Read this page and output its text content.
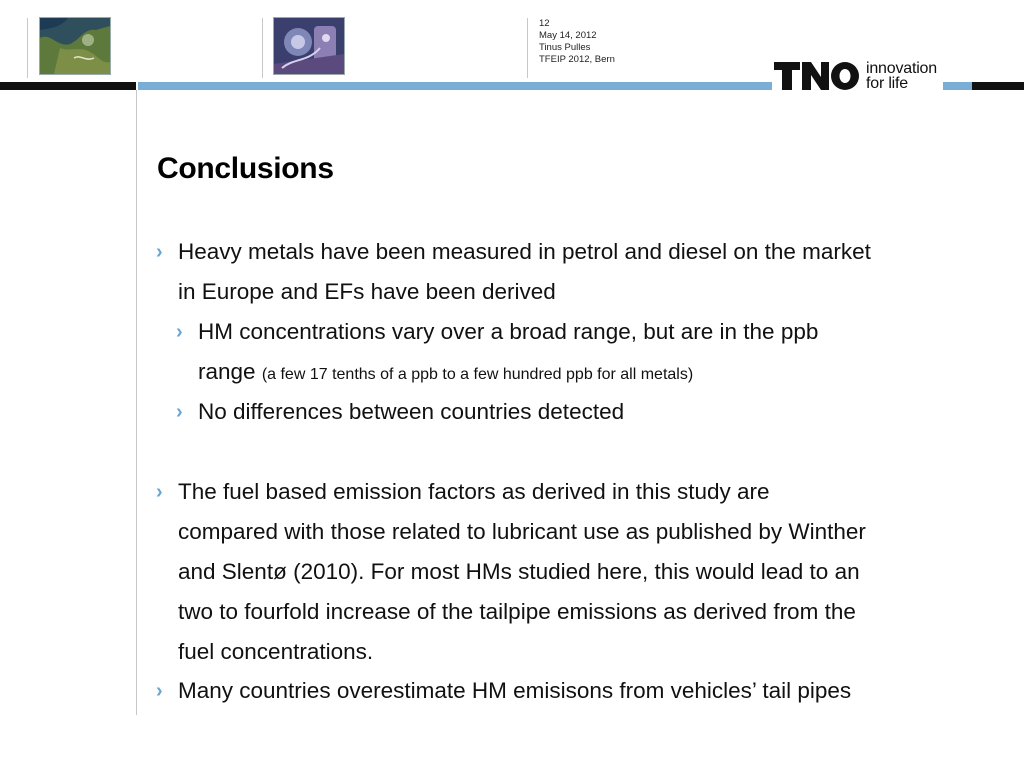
12
May 14, 2012
Tinus Pulles
TFEIP 2012, Bern
innovation
for life
Conclusions
› Heavy metals have been measured in petrol and diesel on the market
in Europe and EFs have been derived
› HM concentrations vary over a broad range, but are in the ppb
range (a few 17 tenths of a ppb to a few hundred ppb for all metals)
› No differences between countries detected
› The fuel based emission factors as derived in this study are
compared with those related to lubricant use as published by Winther
and Slentø (2010). For most HMs studied here, this would lead to an
two to fourfold increase of the tailpipe emissions as derived from the
fuel concentrations.
› Many countries overestimate HM emisisons from vehicles’ tail pipes
